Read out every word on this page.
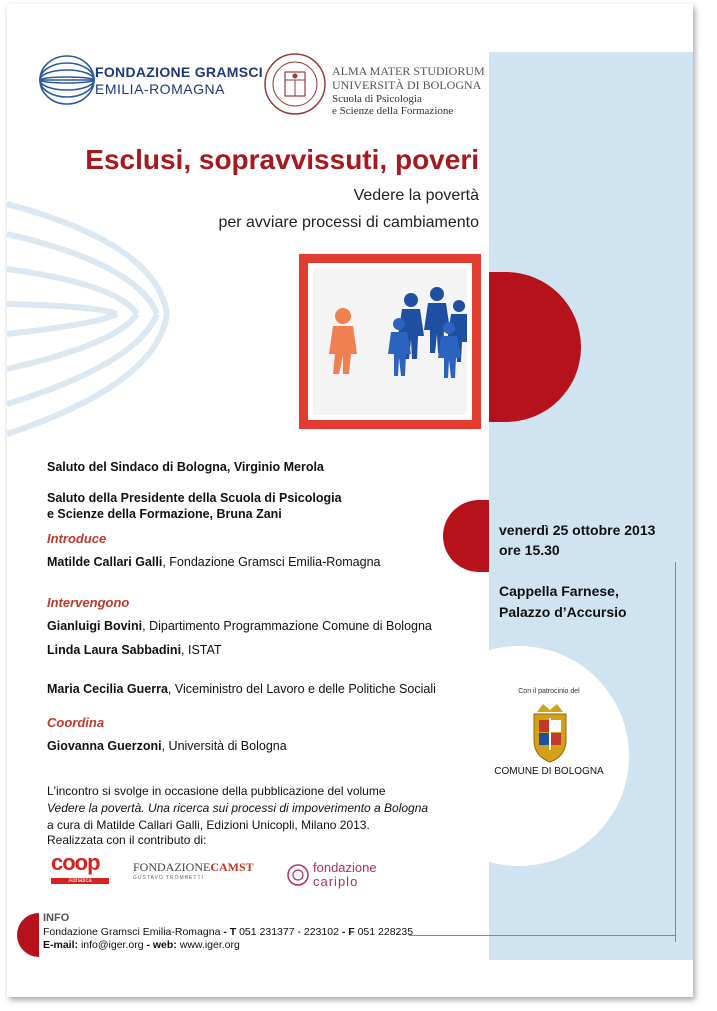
FONDAZIONE GRAMSCI
EMILIA-ROMAGNA
ALMA MATER STUDIORUM
UNIVERSITÀ DI BOLOGNA
Scuola di Psicologia
e Scienze della Formazione
Esclusi, sopravvissuti, poveri
Vedere la povertà
per avviare processi di cambiamento
Saluto del Sindaco di Bologna, Virginio Merola
Saluto della Presidente della Scuola di Psicologia
e Scienze della Formazione, Bruna Zani
Introduce
Matilde Callari Galli, Fondazione Gramsci Emilia-Romagna
Intervengono
Gianluigi Bovini, Dipartimento Programmazione Comune di Bologna
Linda Laura Sabbadini, ISTAT
Maria Cecilia Guerra, Viceministro del Lavoro e delle Politiche Sociali
Coordina
Giovanna Guerzoni, Università di Bologna
venerdì 25 ottobre 2013
ore 15.30
Cappella Farnese,
Palazzo d’Accursio
Con il patrocinio del
COMUNE DI BOLOGNA
L'incontro si svolge in occasione della pubblicazione del volume
Vedere la povertà. Una ricerca sui processi di impoverimento a Bologna
a cura di Matilde Callari Galli, Edizioni Unicopli, Milano 2013.
Realizzata con il contributo di:
coop
Adriatica
FONDAZIONECAMST
GUSTAVO TROMBETTI
fondazione
cariplo
INFO
Fondazione Gramsci Emilia-Romagna - T 051 231377 - 223102 - F 051 228235
E-mail: info@iger.org - web: www.iger.org
